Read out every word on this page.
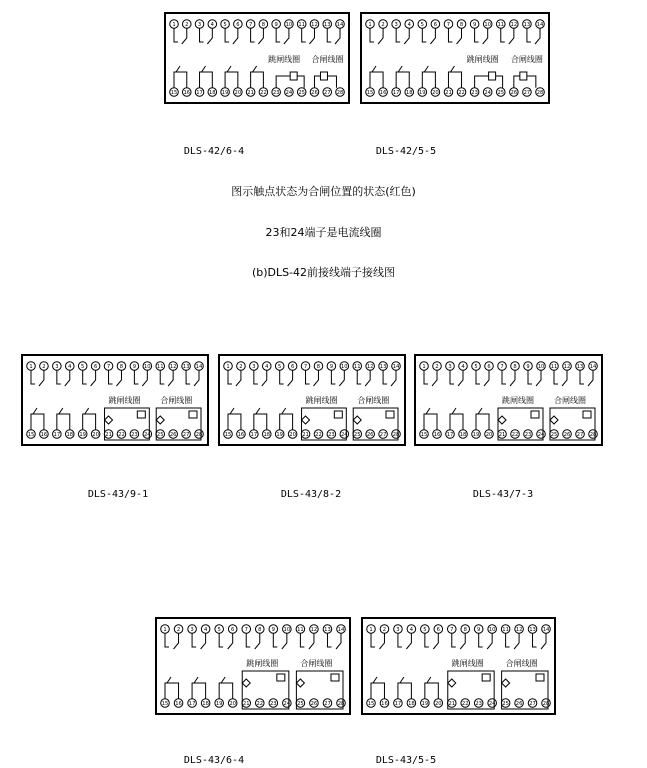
1 2 3 4 5 6 7 8 9 10 11 12 13 14
15 16 17 18 19 20 21 22 23 24 25 26 27 28
跳闸线圈 合闸线圈
1 2 3 4 5 6 7 8 9 10 11 12 13 14
15 16 17 18 19 20 21 22 23 24 25 26 27 28
跳闸线圈 合闸线圈
DLS-42/6-4	DLS-42/5-5
图示触点状态为合闸位置的状态(红色)
23和24端子是电流线圈
(b)DLS-42前接线端子接线图
1 2 3 4 5 6 7 8 9 10 11 12 13 14
15 16 17 18 19 20 21 22 23 24 25 26 27 28
跳闸线圈 合闸线圈
1 2 3 4 5 6 7 8 9 10 11 12 13 14
15 16 17 18 19 20 21 22 23 24 25 26 27 28
跳闸线圈 合闸线圈
1 2 3 4 5 6 7 8 9 10 11 12 13 14
15 16 17 18 19 20 21 22 23 24 25 26 27 28
跳闸线圈	合闸线圈
DLS-43/9-1	DLS-43/8-2	DLS-43/7-3
1 2 3 4 5 6 7 8 9 10 11 12 13 14
15 16 17 18 19 20 21 22 23 24 25 26 27 28
跳闸线圈	合闸线圈
1 2 3 4 5 6 7 8 9 10 11 12 13 14
15 16 17 18 19 20 21 22 23 24 25 26 27 28
跳闸线圈	合闸线圈
DLS-43/6-4	DLS-43/5-5
